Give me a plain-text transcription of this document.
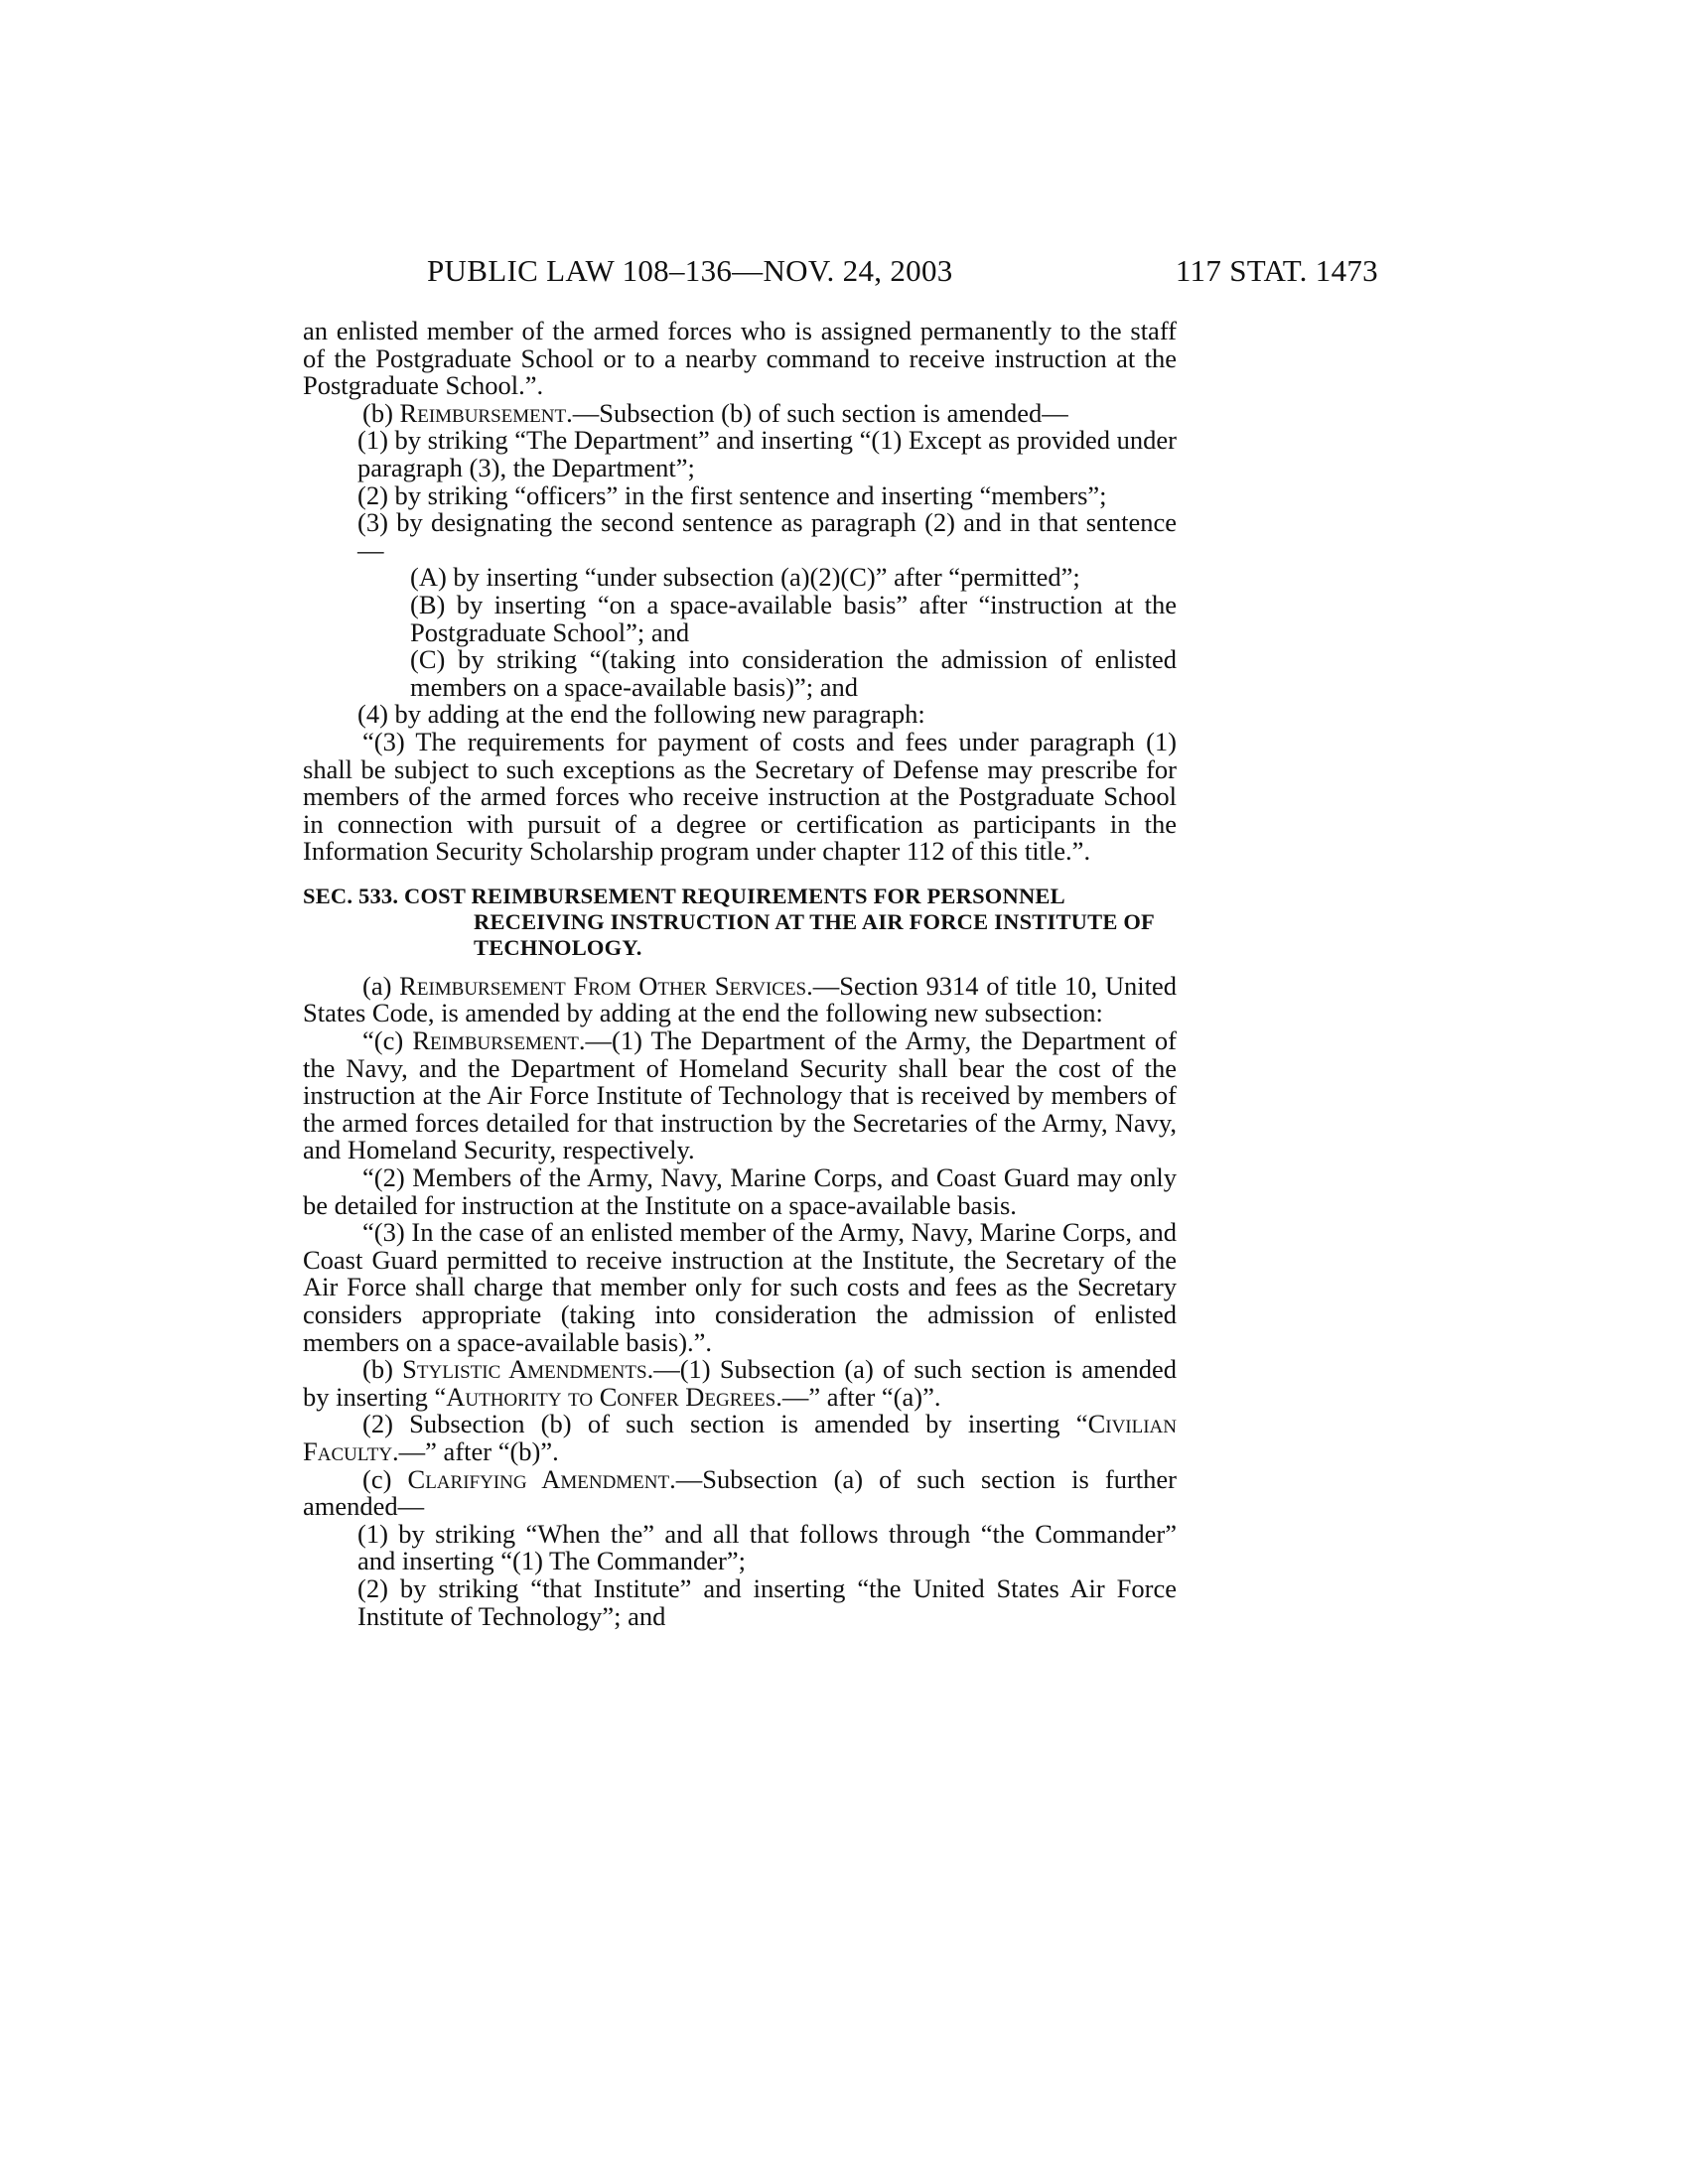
PUBLIC LAW 108–136—NOV. 24, 2003	117 STAT. 1473

an enlisted member of the armed forces who is assigned permanently to the staff of the Postgraduate School or to a nearby command to receive instruction at the Postgraduate School.”.

(b) Reimbursement.—Subsection (b) of such section is amended—

(1) by striking “The Department” and inserting “(1) Except as provided under paragraph (3), the Department”;

(2) by striking “officers” in the first sentence and inserting “members”;

(3) by designating the second sentence as paragraph (2) and in that sentence—

(A) by inserting “under subsection (a)(2)(C)” after “permitted”;

(B) by inserting “on a space-available basis” after “instruction at the Postgraduate School”; and

(C) by striking “(taking into consideration the admission of enlisted members on a space-available basis)”; and

(4) by adding at the end the following new paragraph:

“(3) The requirements for payment of costs and fees under paragraph (1) shall be subject to such exceptions as the Secretary of Defense may prescribe for members of the armed forces who receive instruction at the Postgraduate School in connection with pursuit of a degree or certification as participants in the Information Security Scholarship program under chapter 112 of this title.”.

SEC. 533. COST REIMBURSEMENT REQUIREMENTS FOR PERSONNEL RECEIVING INSTRUCTION AT THE AIR FORCE INSTITUTE OF TECHNOLOGY.

(a) Reimbursement From Other Services.—Section 9314 of title 10, United States Code, is amended by adding at the end the following new subsection:

“(c) Reimbursement.—(1) The Department of the Army, the Department of the Navy, and the Department of Homeland Security shall bear the cost of the instruction at the Air Force Institute of Technology that is received by members of the armed forces detailed for that instruction by the Secretaries of the Army, Navy, and Homeland Security, respectively.

“(2) Members of the Army, Navy, Marine Corps, and Coast Guard may only be detailed for instruction at the Institute on a space-available basis.

“(3) In the case of an enlisted member of the Army, Navy, Marine Corps, and Coast Guard permitted to receive instruction at the Institute, the Secretary of the Air Force shall charge that member only for such costs and fees as the Secretary considers appropriate (taking into consideration the admission of enlisted members on a space-available basis).”.

(b) Stylistic Amendments.—(1) Subsection (a) of such section is amended by inserting “Authority to Confer Degrees.—” after “(a)”.

(2) Subsection (b) of such section is amended by inserting “Civilian Faculty.—” after “(b)”.

(c) Clarifying Amendment.—Subsection (a) of such section is further amended—

(1) by striking “When the” and all that follows through “the Commander” and inserting “(1) The Commander”;

(2) by striking “that Institute” and inserting “the United States Air Force Institute of Technology”; and
